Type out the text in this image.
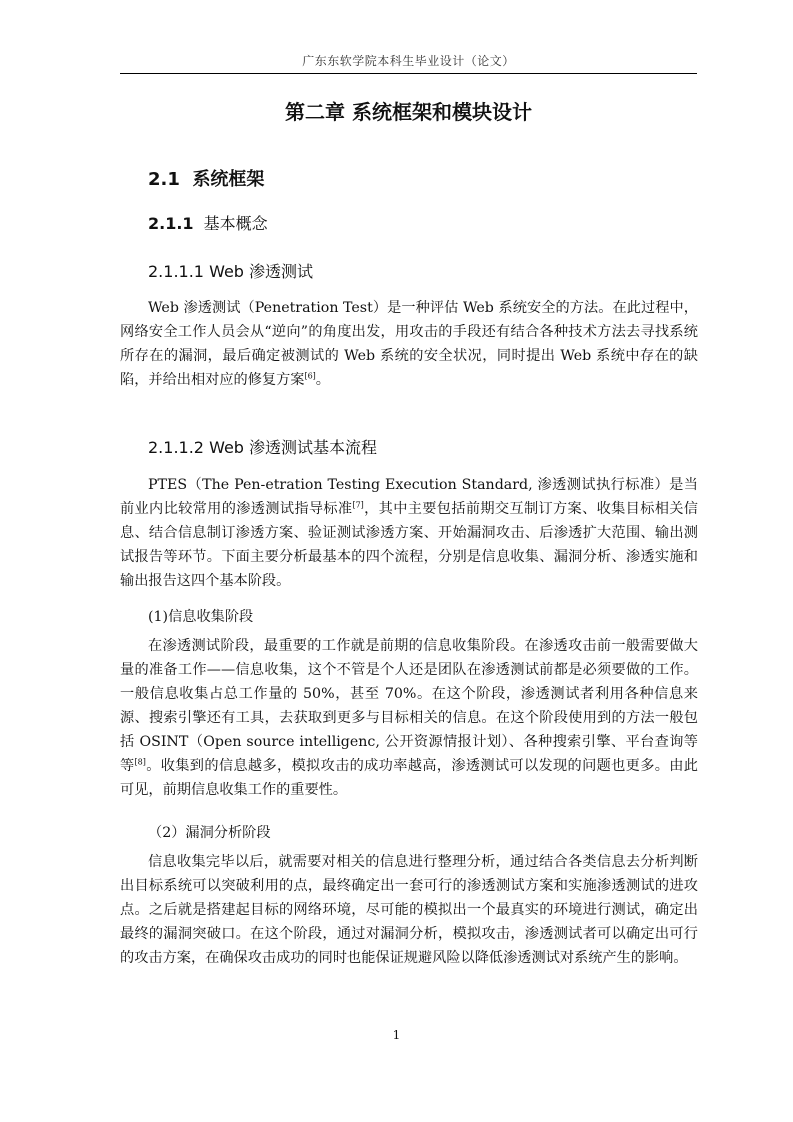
广东东软学院本科生毕业设计（论文）
第二章 系统框架和模块设计
2.1 系统框架
2.1.1 基本概念
2.1.1.1 Web 渗透测试

Web 渗透测试（Penetration Test）是一种评估 Web 系统安全的方法。在此过程中，网络安全工作人员会从“逆向”的角度出发，用攻击的手段还有结合各种技术方法去寻找系统所存在的漏洞，最后确定被测试的 Web 系统的安全状况，同时提出 Web 系统中存在的缺陷，并给出相对应的修复方案[6]。

2.1.1.2 Web 渗透测试基本流程

PTES（The Pen-etration Testing Execution Standard, 渗透测试执行标准）是当前业内比较常用的渗透测试指导标准[7]，其中主要包括前期交互制订方案、收集目标相关信息、结合信息制订渗透方案、验证测试渗透方案、开始漏洞攻击、后渗透扩大范围、输出测试报告等环节。下面主要分析最基本的四个流程，分别是信息收集、漏洞分析、渗透实施和输出报告这四个基本阶段。

(1)信息收集阶段

在渗透测试阶段，最重要的工作就是前期的信息收集阶段。在渗透攻击前一般需要做大量的准备工作——信息收集，这个不管是个人还是团队在渗透测试前都是必须要做的工作。一般信息收集占总工作量的 50%，甚至 70%。在这个阶段，渗透测试者利用各种信息来源、搜索引擎还有工具，去获取到更多与目标相关的信息。在这个阶段使用到的方法一般包括 OSINT（Open source intelligenc, 公开资源情报计划）、各种搜索引擎、平台查询等等[8]。收集到的信息越多，模拟攻击的成功率越高，渗透测试可以发现的问题也更多。由此可见，前期信息收集工作的重要性。

（2）漏洞分析阶段

信息收集完毕以后，就需要对相关的信息进行整理分析，通过结合各类信息去分析判断出目标系统可以突破利用的点，最终确定出一套可行的渗透测试方案和实施渗透测试的进攻点。之后就是搭建起目标的网络环境，尽可能的模拟出一个最真实的环境进行测试，确定出最终的漏洞突破口。在这个阶段，通过对漏洞分析，模拟攻击，渗透测试者可以确定出可行的攻击方案，在确保攻击成功的同时也能保证规避风险以降低渗透测试对系统产生的影响。

1
